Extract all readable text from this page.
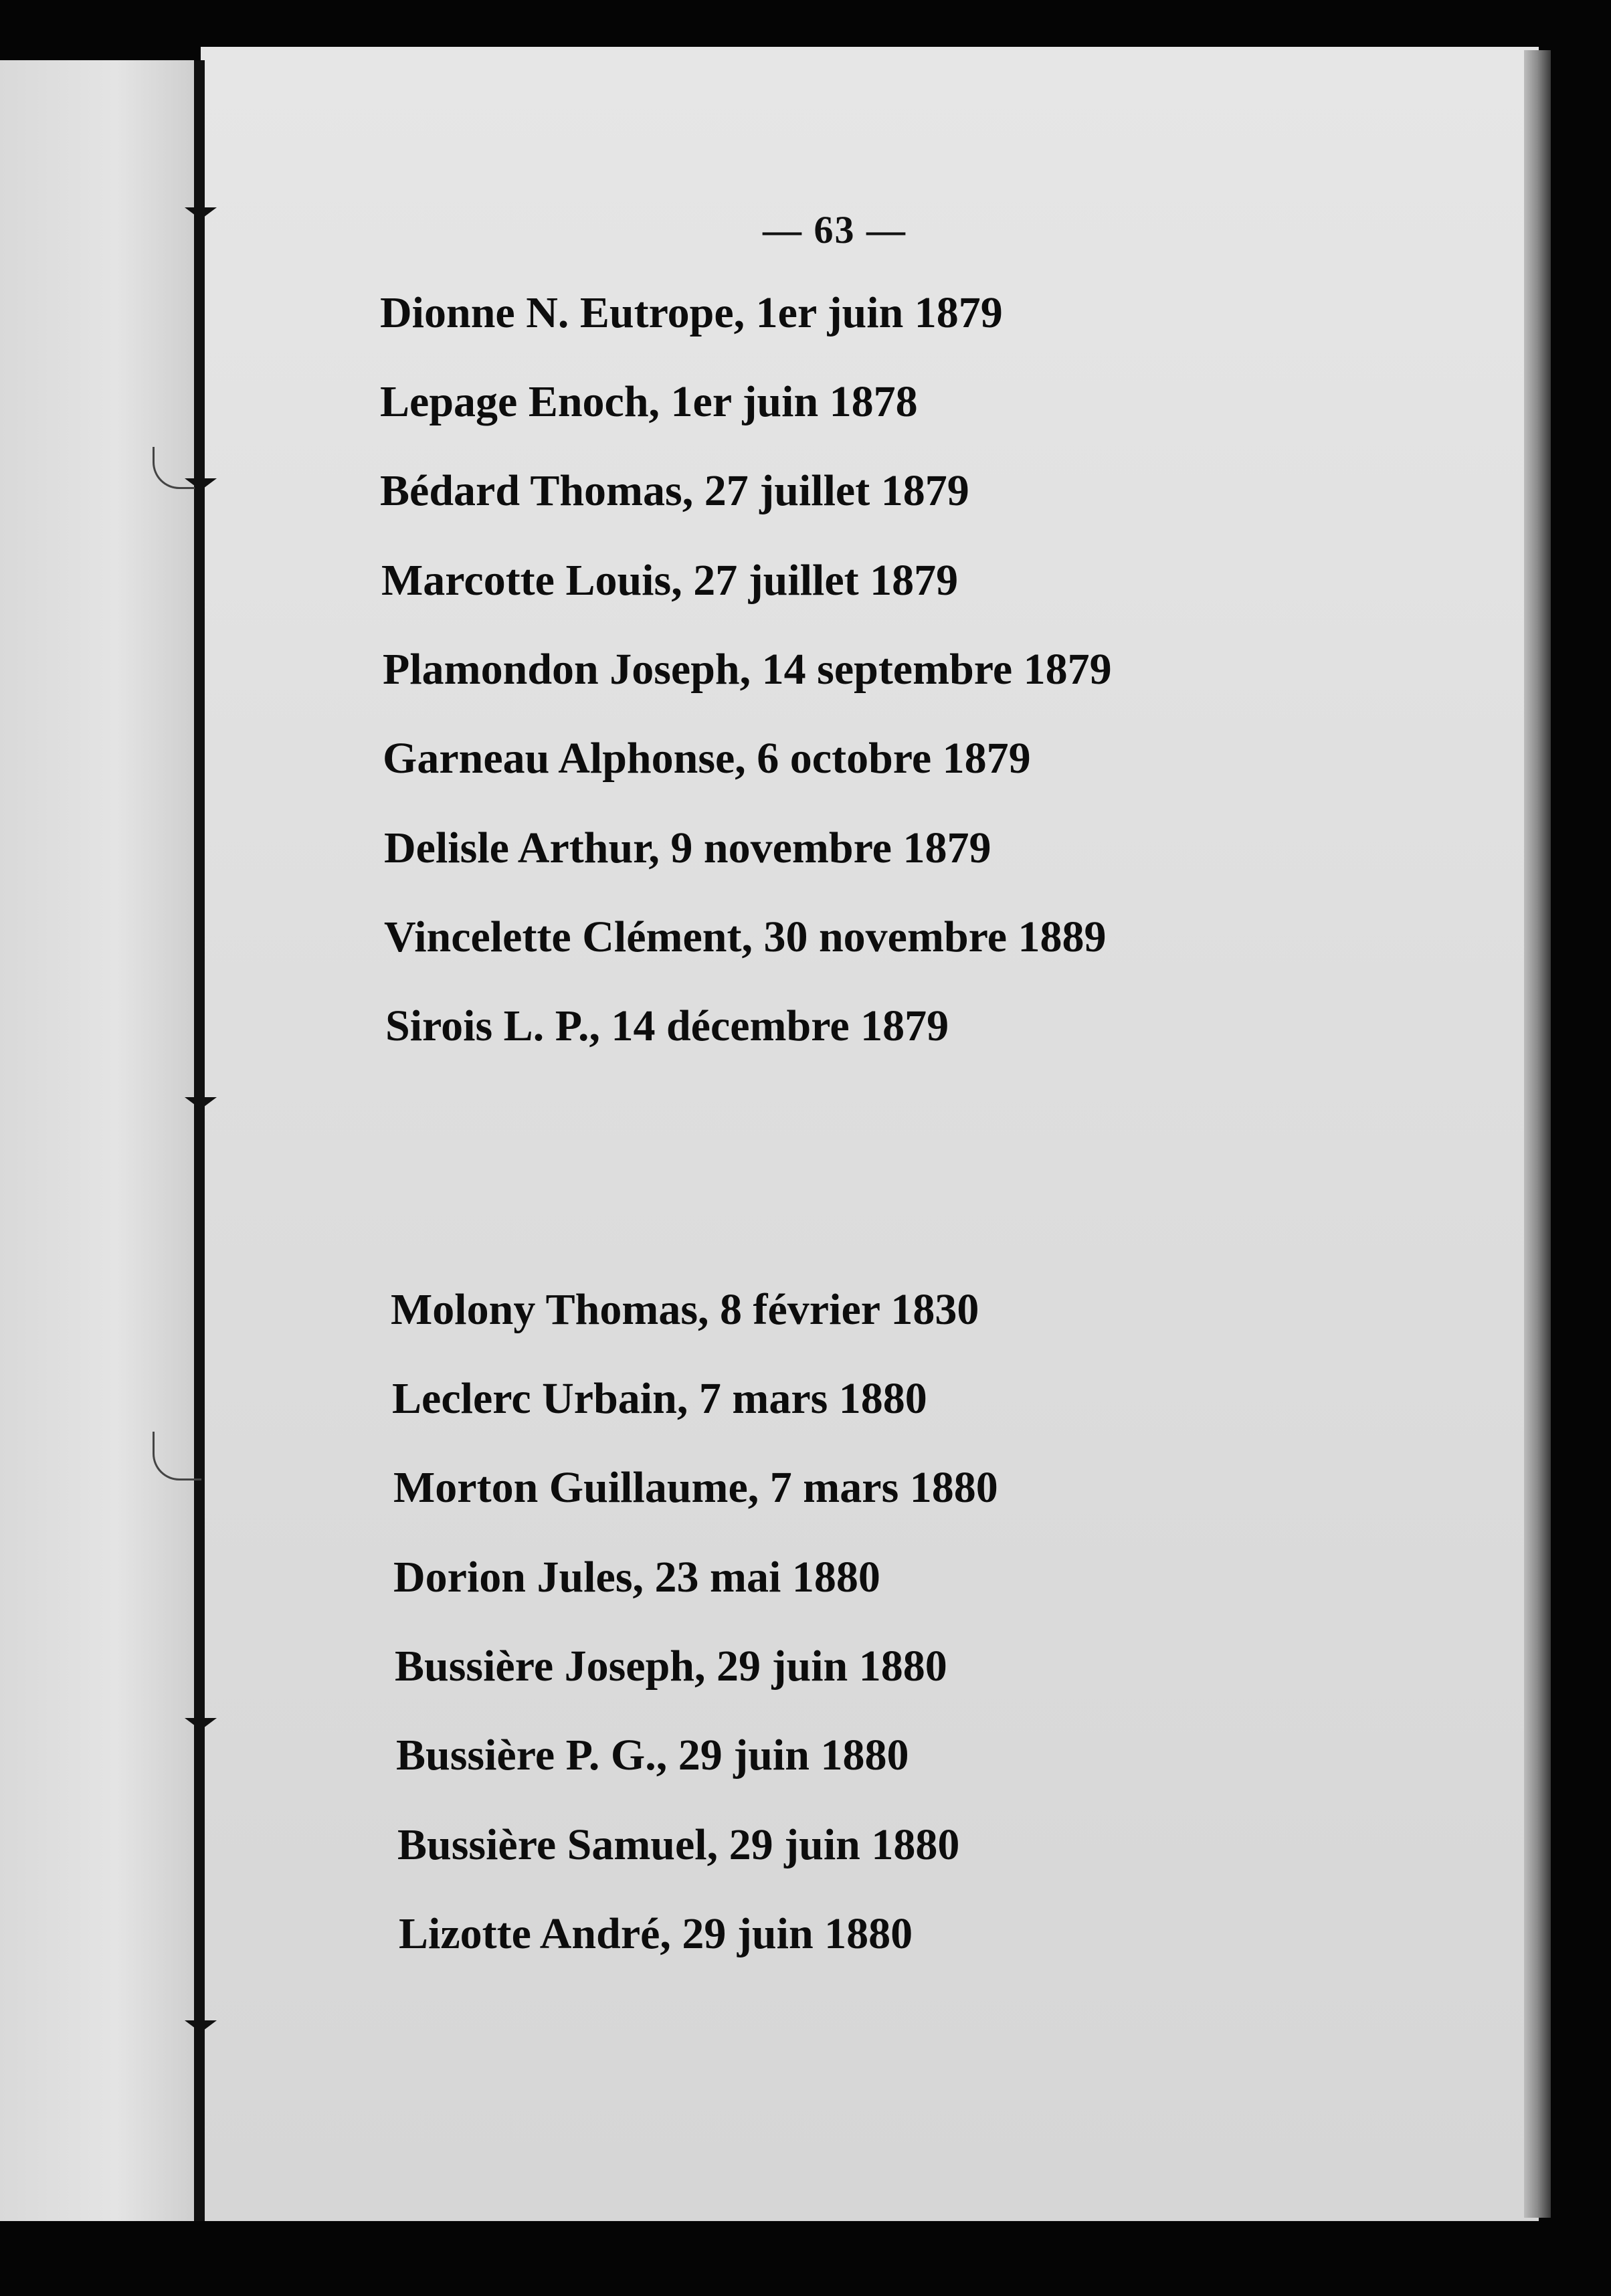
— 63 —
Dionne N. Eutrope, 1er juin 1879
Lepage Enoch, 1er juin 1878
Bédard Thomas, 27 juillet 1879
Marcotte Louis, 27 juillet 1879
Plamondon Joseph, 14 septembre 1879
Garneau Alphonse, 6 octobre 1879
Delisle Arthur, 9 novembre 1879
Vincelette Clément, 30 novembre 1889
Sirois L. P., 14 décembre 1879
Molony Thomas, 8 février 1830
Leclerc Urbain, 7 mars 1880
Morton Guillaume, 7 mars 1880
Dorion Jules, 23 mai 1880
Bussière Joseph, 29 juin 1880
Bussière P. G., 29 juin 1880
Bussière Samuel, 29 juin 1880
Lizotte André, 29 juin 1880
